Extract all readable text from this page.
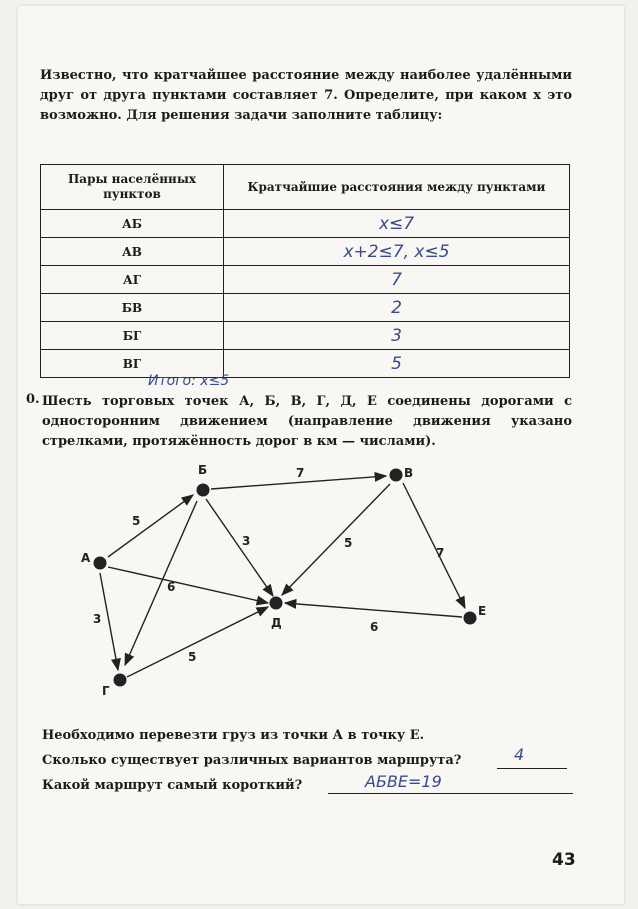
Известно, что кратчайшее расстояние между наиболее удалёнными друг от друга пунктами составляет 7. Определите, при каком x это возможно. Для решения задачи заполните таблицу:

Пары населённых пунктов	Кратчайшие расстояния между пунктами
АБ	x≤7
АВ	x+2≤7, x≤5
АГ	7
БВ	2
БГ	3
ВГ	5
Итого: x≤5
0. Шесть торговых точек А, Б, В, Г, Д, Е соединены дорогами с односторонним движением (направление движения указано стрелками, протяжённость дорог в км — числами).

А
Б	В
Г
Д
Е
5
6
3
7
3
5
5
7
6
Необходимо перевезти груз из точки А в точку Е.
Сколько существует различных вариантов маршрута?	4
Какой маршрут самый короткий?	АБВЕ=19
43
